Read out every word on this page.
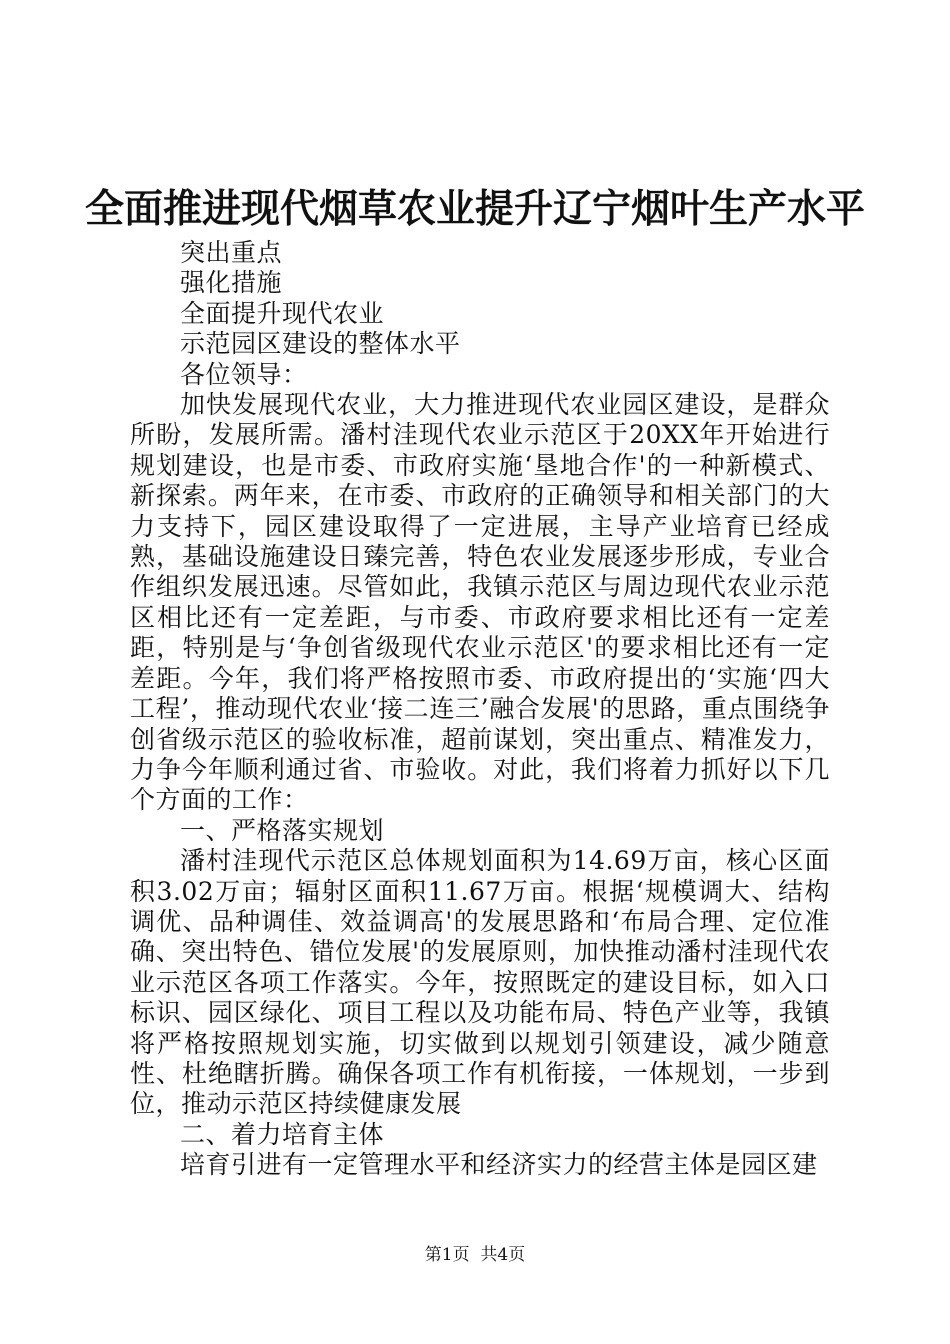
全面推进现代烟草农业提升辽宁烟叶生产水平

突出重点

强化措施

全面提升现代农业

示范园区建设的整体水平

各位领导：

加快发展现代农业，大力推进现代农业园区建设，是群众所盼，发展所需。潘村洼现代农业示范区于20XX年开始进行规划建设，也是市委、市政府实施‘垦地合作'的一种新模式、新探索。两年来，在市委、市政府的正确领导和相关部门的大力支持下，园区建设取得了一定进展，主导产业培育已经成熟，基础设施建设日臻完善，特色农业发展逐步形成，专业合作组织发展迅速。尽管如此，我镇示范区与周边现代农业示范区相比还有一定差距，与市委、市政府要求相比还有一定差距，特别是与‘争创省级现代农业示范区'的要求相比还有一定差距。今年，我们将严格按照市委、市政府提出的‘实施‘四大工程’，推动现代农业‘接二连三’融合发展'的思路，重点围绕争创省级示范区的验收标准，超前谋划，突出重点、精准发力，力争今年顺利通过省、市验收。对此，我们将着力抓好以下几个方面的工作：

一、严格落实规划

潘村洼现代示范区总体规划面积为14.69万亩，核心区面积3.02万亩；辐射区面积11.67万亩。根据‘规模调大、结构调优、品种调佳、效益调高'的发展思路和‘布局合理、定位准确、突出特色、错位发展'的发展原则，加快推动潘村洼现代农业示范区各项工作落实。今年，按照既定的建设目标，如入口标识、园区绿化、项目工程以及功能布局、特色产业等，我镇将严格按照规划实施，切实做到以规划引领建设，减少随意性、杜绝瞎折腾。确保各项工作有机衔接，一体规划，一步到位，推动示范区持续健康发展

二、着力培育主体

培育引进有一定管理水平和经济实力的经营主体是园区建

第1页 共4页
